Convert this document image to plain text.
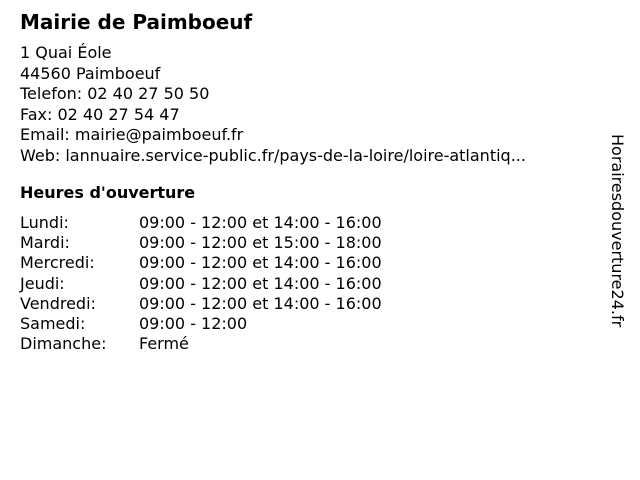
Mairie de Paimboeuf
1 Quai Éole
44560 Paimboeuf
Telefon: 02 40 27 50 50
Fax: 02 40 27 54 47
Email: mairie@paimboeuf.fr
Web: lannuaire.service-public.fr/pays-de-la-loire/loire-atlantiq...
Heures d'ouverture
Lundi:	09:00 - 12:00 et 14:00 - 16:00
Mardi:	09:00 - 12:00 et 15:00 - 18:00
Mercredi:	09:00 - 12:00 et 14:00 - 16:00
Jeudi:	09:00 - 12:00 et 14:00 - 16:00
Vendredi:	09:00 - 12:00 et 14:00 - 16:00
Samedi:	09:00 - 12:00
Dimanche:	Fermé
Horairesdouverture24.fr
